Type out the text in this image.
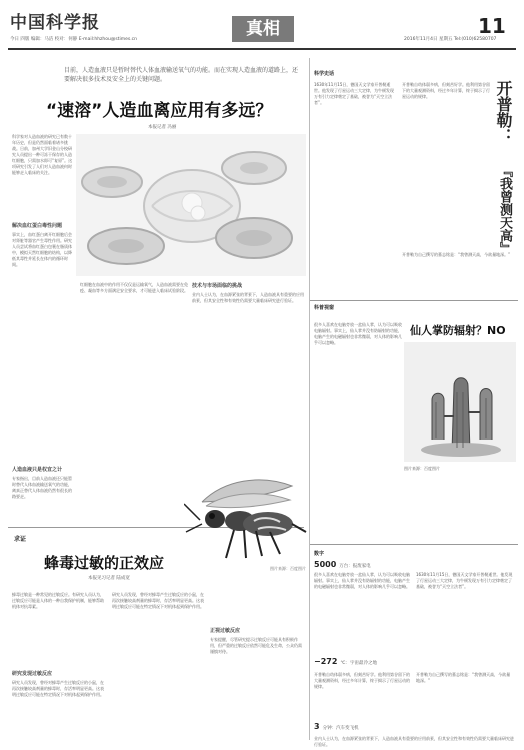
中国科学报
今日 四版 编辑：马洁 校对：何静 E-mail:hhzhou@stimes.cn
真相	11
2016年11月4日 星期五 Tel:(010)62580707
目前，人造血液只是暂时替代人体血液输送氧气的功能。而在实现人造血液的道路上，还要解决很多技术及安全上的关键问题。
“速溶”人造血离应用有多远？
本报记者 冯丽
科学家对人造血液的研究已有数十年历史，但是仍然面临着诸多挑战。日前，加州大学旧金山分校研究人员提出一种可冻干保存的人造红细胞，只需加水即可“复原”。这项研究引发了人们对人造血液何时能够走入临床的关注。
解决血红蛋白毒性问题
事实上，血红蛋白离开红细胞后会对肾脏等器官产生毒性作用。研究人员尝试将血红蛋白包裹在脂质体中，模拟天然红细胞的结构，以降低其毒性并延长在体内的循环时间。
人造血液只是权宜之计
专家指出，目前人造血液还只能暂时替代人体血液输送氧气的功能，离真正替代人体血液仍然有很长的路要走。
红细胞在血液中的作用不仅仅是运输氧气，人造血液需要在免疫、凝血等多方面满足安全要求，才可能进入临床试验阶段。
技术与市场面临的挑战
业内人士认为，在血源紧张的背景下，人造血液具有重要的应用前景，但其安全性和有效性仍需要大量临床研究进行验证。
求证
图片来源：百度图片
蜂毒过敏的正效应
本报见习记者 陆成宽
蜂毒过敏是一种常见的过敏反应。有研究人员认为，过敏反应可能是人体的一种自我保护机制，能够帮助机体对抗毒素。
研究发现过敏反应
研究人员发现，曾经对蜂毒产生过敏反应的小鼠，在再次接触较高剂量的蜂毒时，存活率明显更高。这表明过敏反应可能在特定情况下对机体起到保护作用。
研究人员发现，曾经对蜂毒产生过敏反应的小鼠，在再次接触较高剂量的蜂毒时，存活率明显更高。这表明过敏反应可能在特定情况下对机体起到保护作用。
正视过敏反应
专家提醒，尽管研究提示过敏反应可能具有积极作用，但严重的过敏反应依然可能危及生命，公众仍需谨慎对待。
科学史话
开普勒：
『我曾测天高』
1630年11月15日，德国天文学家开普勒逝世。他发现了行星运动三大定律，为牛顿发现万有引力定律奠定了基础，被誉为“天空立法者”。
开普勒自幼体弱多病，但刻苦好学。他利用第谷留下的大量观测资料，经过多年计算，终于揭示了行星运动的规律。
开普勒为自己撰写的墓志铭是：“我曾测天高，今欲量地深。”
科普视窗
仙人掌防辐射？NO
很多人喜欢在电脑旁放一盆仙人掌，认为可以吸收电脑辐射。事实上，仙人掌并没有防辐射的功能，电脑产生的电磁辐射也非常微弱，对人体的影响几乎可以忽略。
图片来源：百度图片
数字
5000 万台：报废家电
−272 ℃：宇宙最冷之地
3 分钟：汽车变飞机
很多人喜欢在电脑旁放一盆仙人掌，认为可以吸收电脑辐射。事实上，仙人掌并没有防辐射的功能，电脑产生的电磁辐射也非常微弱，对人体的影响几乎可以忽略。
1630年11月15日，德国天文学家开普勒逝世。他发现了行星运动三大定律，为牛顿发现万有引力定律奠定了基础，被誉为“天空立法者”。
开普勒自幼体弱多病，但刻苦好学。他利用第谷留下的大量观测资料，经过多年计算，终于揭示了行星运动的规律。
开普勒为自己撰写的墓志铭是：“我曾测天高，今欲量地深。”
业内人士认为，在血源紧张的背景下，人造血液具有重要的应用前景，但其安全性和有效性仍需要大量临床研究进行验证。
